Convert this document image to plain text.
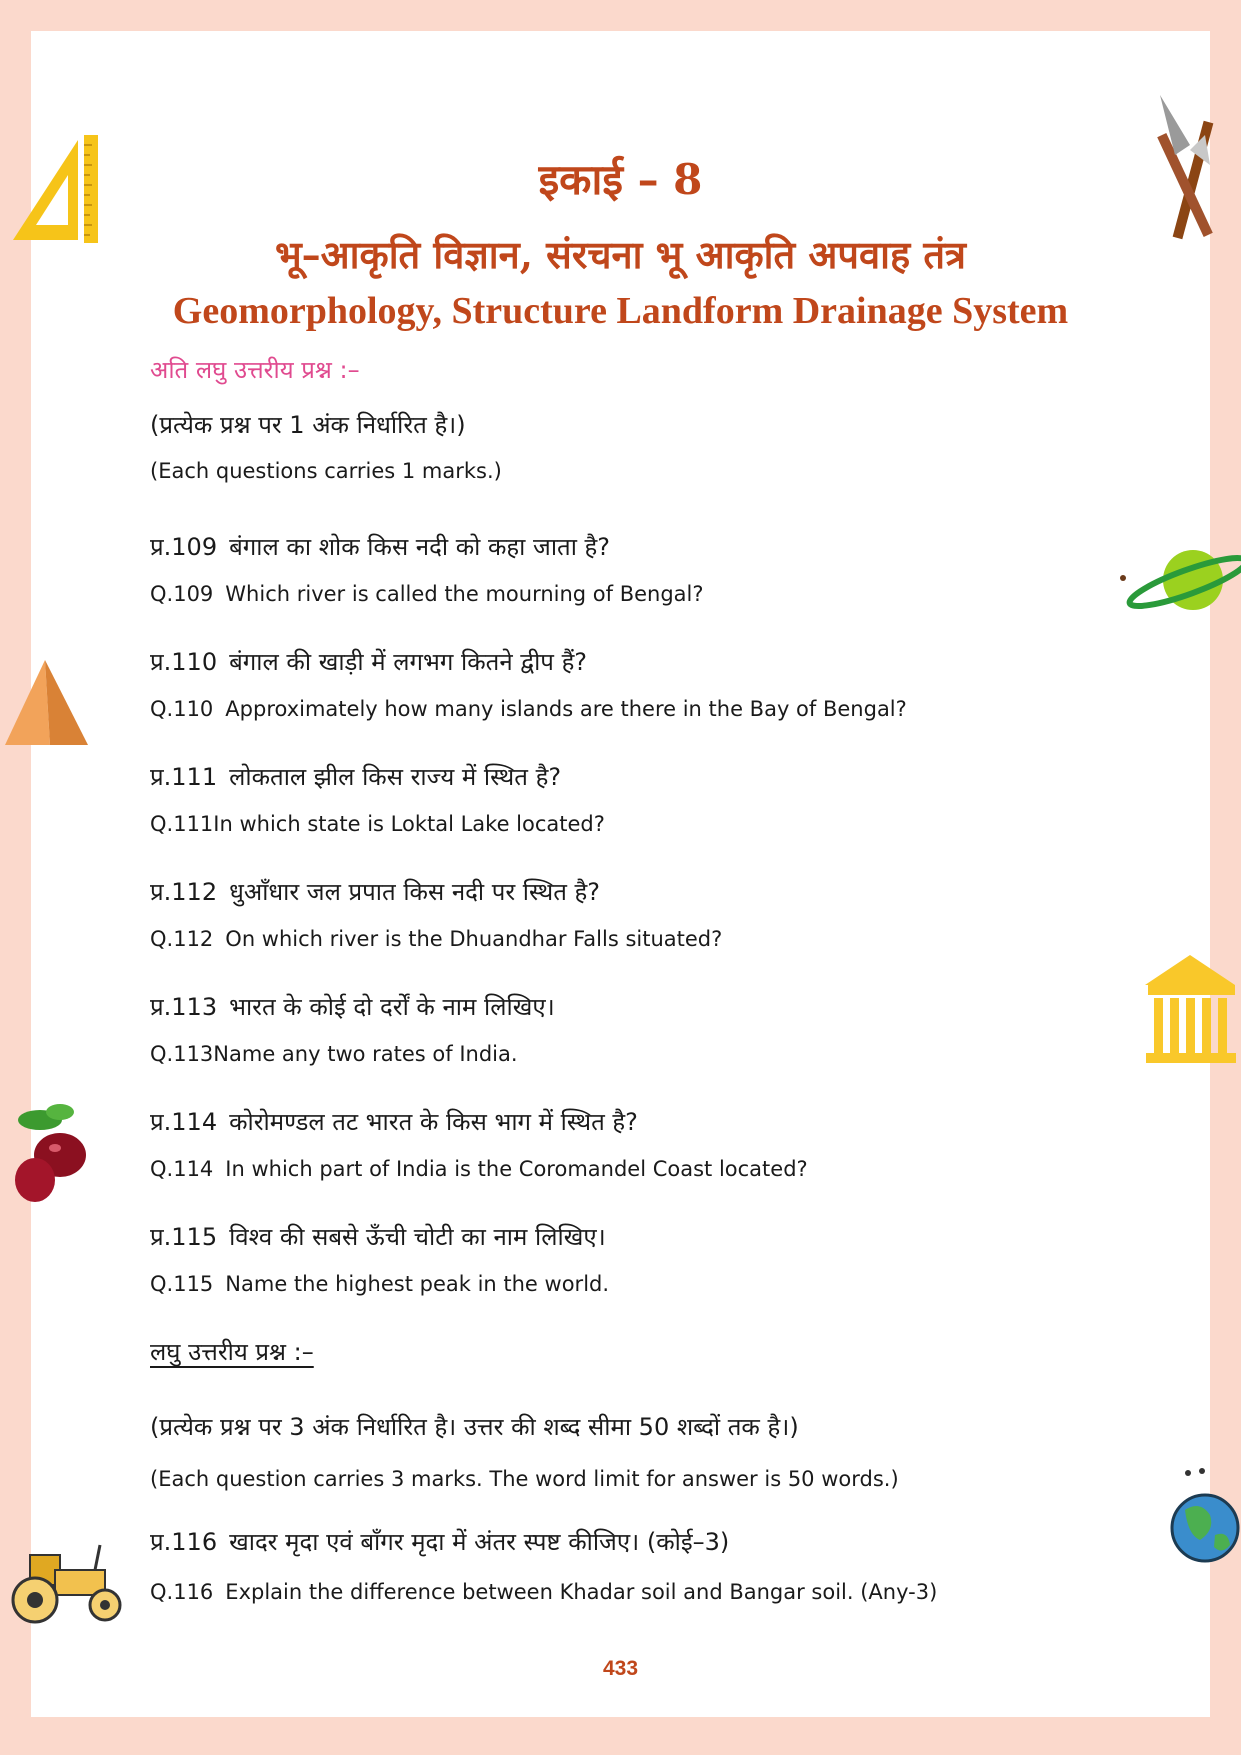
इकाई – 8
भू–आकृति विज्ञान, संरचना भू आकृति अपवाह तंत्र
Geomorphology, Structure Landform Drainage System
अति लघु उत्तरीय प्रश्न :–
(प्रत्येक प्रश्न पर 1 अंक निर्धारित है।)
(Each questions carries 1 marks.)
प्र.109 बंगाल का शोक किस नदी को कहा जाता है?
Q.109 Which river is called the mourning of Bengal?
प्र.110 बंगाल की खाड़ी में लगभग कितने द्वीप हैं?
Q.110 Approximately how many islands are there in the Bay of Bengal?
प्र.111 लोकताल झील किस राज्य में स्थित है?
Q.111In which state is Loktal Lake located?
प्र.112 धुआँधार जल प्रपात किस नदी पर स्थित है?
Q.112 On which river is the Dhuandhar Falls situated?
प्र.113 भारत के कोई दो दर्रों के नाम लिखिए।
Q.113Name any two rates of India.
प्र.114 कोरोमण्डल तट भारत के किस भाग में स्थित है?
Q.114 In which part of India is the Coromandel Coast located?
प्र.115 विश्व की सबसे ऊँची चोटी का नाम लिखिए।
Q.115 Name the highest peak in the world.
लघु उत्तरीय प्रश्न :–
(प्रत्येक प्रश्न पर 3 अंक निर्धारित है। उत्तर की शब्द सीमा 50 शब्दों तक है।)
(Each question carries 3 marks. The word limit for answer is 50 words.)
प्र.116 खादर मृदा एवं बाँगर मृदा में अंतर स्पष्ट कीजिए। (कोई–3)
Q.116 Explain the difference between Khadar soil and Bangar soil. (Any-3)
433
